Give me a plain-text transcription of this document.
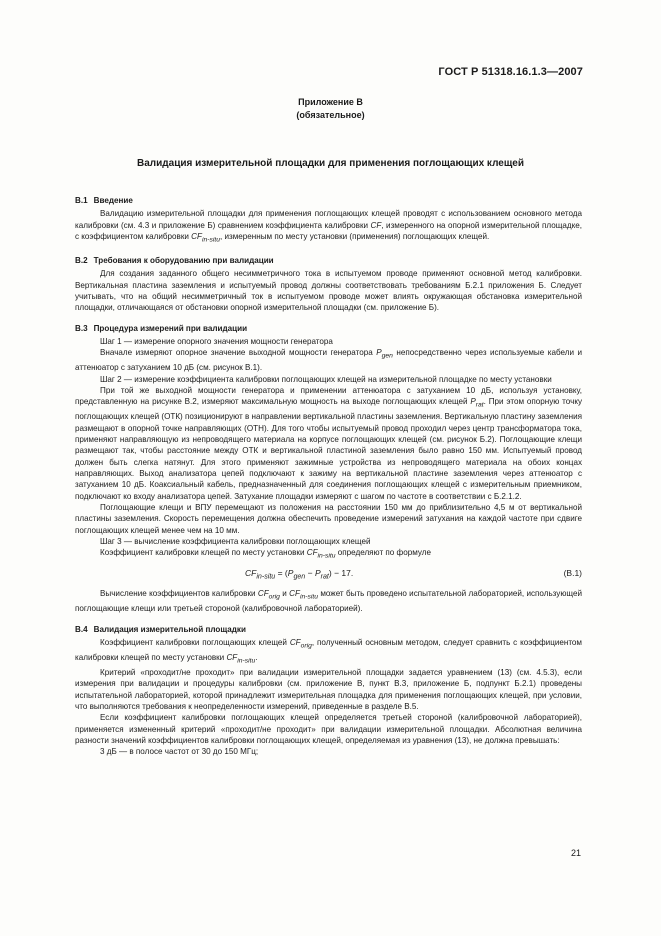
ГОСТ Р 51318.16.1.3—2007
Приложение В
(обязательное)
Валидация измерительной площадки для применения поглощающих клещей
В.1 Введение

Валидацию измерительной площадки для применения поглощающих клещей проводят с использованием основного метода калибровки (см. 4.3 и приложение Б) сравнением коэффициента калибровки CF, измеренного на опорной измерительной площадке, с коэффициентом калибровки $CF_{in-situ}$, измеренным по месту установки (применения) поглощающих клещей.

В.2 Требования к оборудованию при валидации

Для создания заданного общего несимметричного тока в испытуемом проводе применяют основной метод калибровки. Вертикальная пластина заземления и испытуемый провод должны соответствовать требованиям Б.2.1 приложения Б. Следует учитывать, что на общий несимметричный ток в испытуемом проводе может влиять окружающая обстановка измерительной площадки, отличающаяся от обстановки опорной измерительной площадки (см. приложение Б).

В.3 Процедура измерений при валидации

Шаг 1 — измерение опорного значения мощности генератора

Вначале измеряют опорное значение выходной мощности генератора $P_{gen}$ непосредственно через используемые кабели и аттенюатор с затуханием 10 дБ (см. рисунок В.1).

Шаг 2 — измерение коэффициента калибровки поглощающих клещей на измерительной площадке по месту установки

При той же выходной мощности генератора и применении аттенюатора с затуханием 10 дБ, используя установку, представленную на рисунке В.2, измеряют максимальную мощность на выходе поглощающих клещей $P_{rat}$. При этом опорную точку поглощающих клещей (ОТК) позиционируют в направлении вертикальной пластины заземления. Вертикальную пластину заземления размещают в опорной точке направляющих (ОТН). Для того чтобы испытуемый провод проходил через центр трансформатора тока, применяют направляющую из непроводящего материала на корпусе поглощающих клещей (см. рисунок Б.2). Поглощающие клещи размещают так, чтобы расстояние между ОТК и вертикальной пластиной заземления было равно 150 мм. Испытуемый провод должен быть слегка натянут. Для этого применяют зажимные устройства из непроводящего материала на обоих концах направляющих. Выход анализатора цепей подключают к зажиму на вертикальной пластине заземления через аттенюатор с затуханием 10 дБ. Коаксиальный кабель, предназначенный для соединения поглощающих клещей с измерительным приемником, подключают ко входу анализатора цепей. Затухание площадки измеряют с шагом по частоте в соответствии с Б.2.1.2.

Поглощающие клещи и ВПУ перемещают из положения на расстоянии 150 мм до приблизительно 4,5 м от вертикальной пластины заземления. Скорость перемещения должна обеспечить проведение измерений затухания на каждой частоте при сдвиге поглощающих клещей менее чем на 10 мм.

Шаг 3 — вычисление коэффициента калибровки поглощающих клещей

Коэффициент калибровки клещей по месту установки $CF_{in-situ}$ определяют по формуле

$CF_{in-situ} = (P_{gen} - P_{rat}) - 17$.	(В.1)

Вычисление коэффициентов калибровки $CF_{orig}$ и $CF_{in-situ}$ может быть проведено испытательной лабораторией, использующей поглощающие клещи или третьей стороной (калибровочной лабораторией).

В.4 Валидация измерительной площадки

Коэффициент калибровки поглощающих клещей $CF_{orig}$, полученный основным методом, следует сравнить с коэффициентом калибровки клещей по месту установки $CF_{in-situ}$.

Критерий «проходит/не проходит» при валидации измерительной площадки задается уравнением (13) (см. 4.5.3), если измерения при валидации и процедуры калибровки (см. приложение В, пункт В.3, приложение Б, подпункт Б.2.1) проведены испытательной лабораторией, которой принадлежит измерительная площадка для применения поглощающих клещей, при условии, что выполняются требования к неопределенности измерений, приведенные в разделе В.5.

Если коэффициент калибровки поглощающих клещей определяется третьей стороной (калибровочной лабораторией), применяется измененный критерий «проходит/не проходит» при валидации измерительной площадки. Абсолютная величина разности значений коэффициентов калибровки поглощающих клещей, определяемая из уравнения (13), не должна превышать:

3 дБ — в полосе частот от 30 до 150 МГц;

21
